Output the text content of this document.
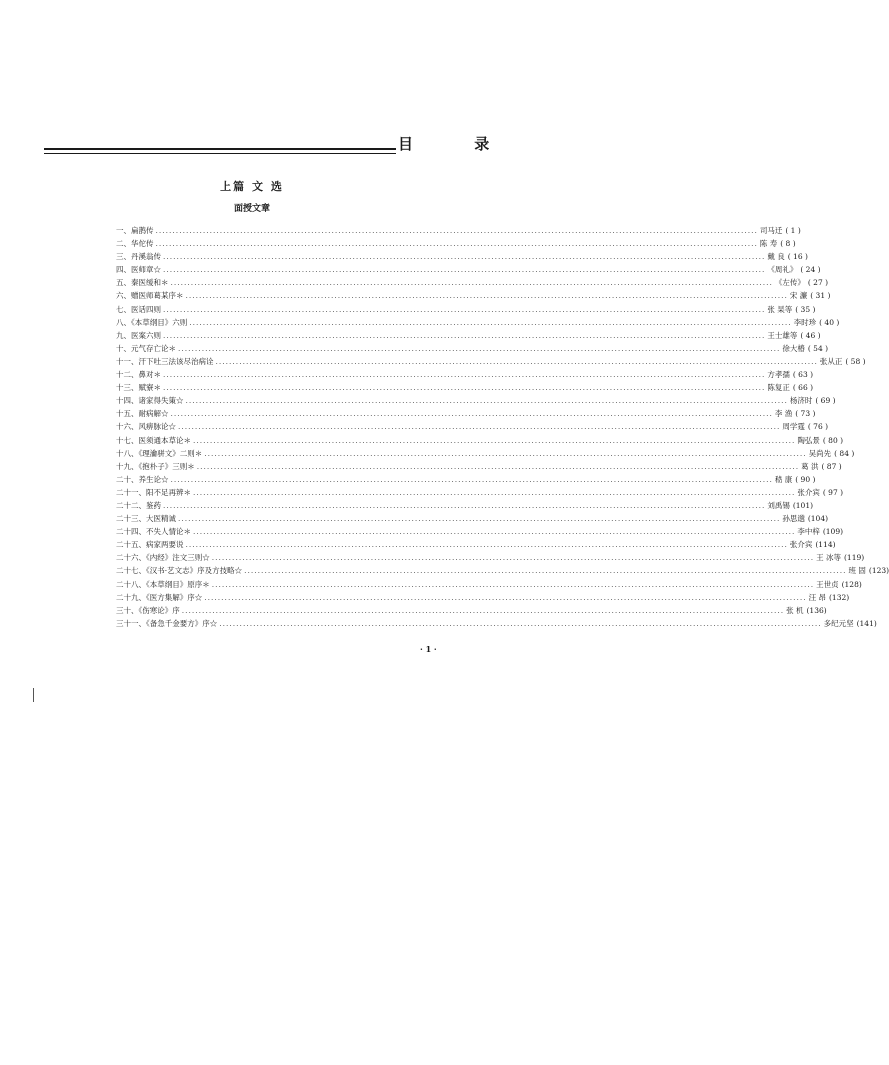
目 录
上篇 文 选
面授文章
一、扁鹊传 .....	司马迁 ( 1 )
二、华佗传 .....	陈 寿 ( 8 )
三、丹溪翁传 .....	戴 良 ( 16 )
四、医师章☆ .....	《周礼》 ( 24 )
五、秦医缓和＊ .....	《左传》 ( 27 )
六、赠医师葛某序＊ .....	宋 濂 ( 31 )
七、医话四则 .....	张 杲等 ( 35 )
八、《本草纲目》六则 .....	李时珍 ( 40 )
九、医案六则 .....	王士雄等 ( 46 )
十、元气存亡论＊ .....	徐大椿 ( 54 )
十一、汗下吐三法该尽治病诠 .....	张从正 ( 58 )
十二、鼻对＊ .....	方孝孺 ( 63 )
十三、赋寮＊ .....	陈复正 ( 66 )
十四、诸家得失策☆ .....	杨济时 ( 69 )
十五、耐病解☆ .....	李 渔 ( 73 )
十六、风痹脉论☆ .....	周学霆 ( 76 )
十七、医须通本草论＊ .....	陶弘景 ( 80 )
十八、《理瀹骈文》二则＊ .....	吴尚先 ( 84 )
十九、《抱朴子》三则＊ .....	葛 洪 ( 87 )
二十、养生论☆ .....	嵇 康 ( 90 )
二十一、阳不足再辨＊ .....	张介宾 ( 97 )
二十二、鉴药 .....	刘禹锡 (101)
二十三、大医精诚 .....	孙思邈 (104)
二十四、不失人情论＊ .....	李中梓 (109)
二十五、病家两要说 .....	张介宾 (114)
二十六、《内经》注文三则☆ .....	王 冰等 (119)
二十七、《汉书·艺文志》序及方技略☆ .....	班 固 (123)
二十八、《本草纲目》原序＊ .....	王世贞 (128)
二十九、《医方集解》序☆ .....	汪 昂 (132)
三十、《伤寒论》序 .....	张 机 (136)
三十一、《备急千金要方》序☆ .....	多纪元坚 (141)
· 1 ·
